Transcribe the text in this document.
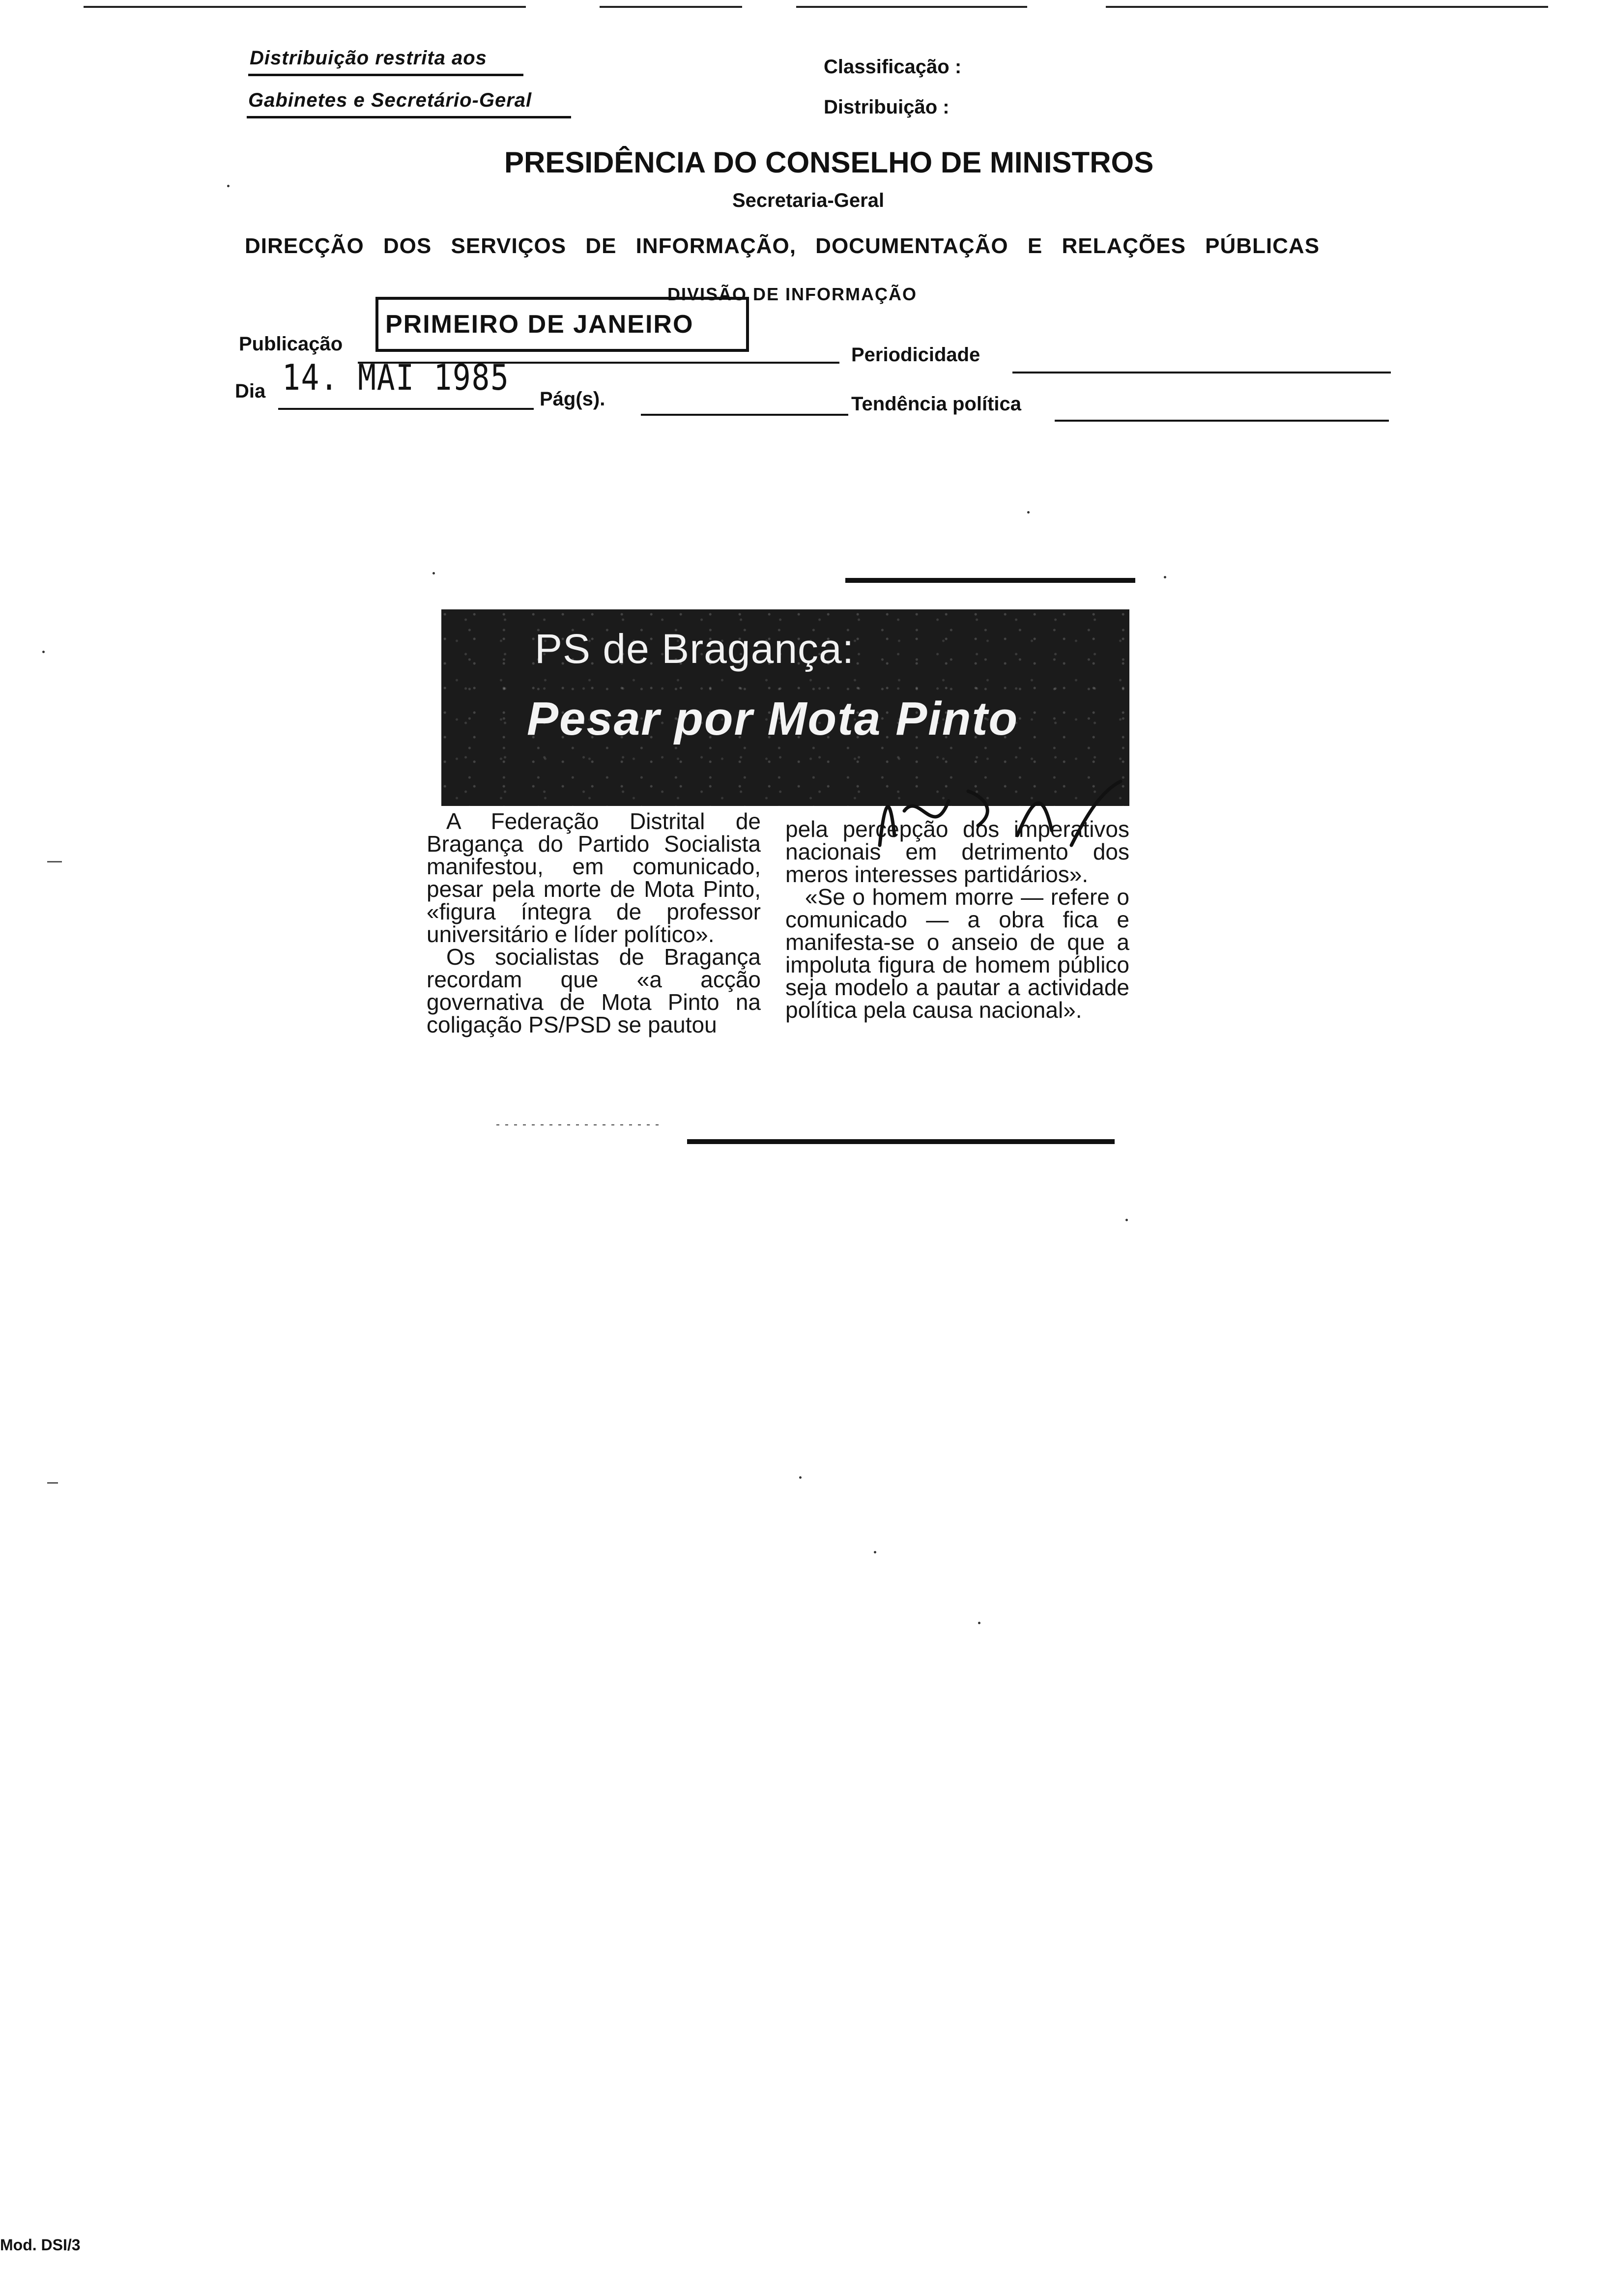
Distribuição restrita aos
Gabinetes e Secretário-Geral
Classificação :
Distribuição :
PRESIDÊNCIA DO CONSELHO DE MINISTROS
Secretaria-Geral
DIRECÇÃO DOS SERVIÇOS DE INFORMAÇÃO, DOCUMENTAÇÃO E RELAÇÕES PÚBLICAS
DIVISÃO DE INFORMAÇÃO
Publicação
PRIMEIRO DE JANEIRO
Periodicidade
Dia 14. MAI 1985
Pág(s).	Tendência política
PS de Bragança:
Pesar por Mota Pinto

A Federação Distrital de Bragança do Partido Socialista manifestou, em comunicado, pesar pela morte de Mota Pinto, «figura íntegra de professor universitário e líder político».

Os socialistas de Bragança recordam que «a acção governativa de Mota Pinto na coligação PS/PSD se pautou

pela percepção dos imperativos nacionais em detrimento dos meros interesses partidários».

«Se o homem morre — refere o comunicado — a obra fica e manifesta-se o anseio de que a impoluta figura de homem público seja modelo a pautar a actividade política pela causa nacional».

Mod. DSI/3
